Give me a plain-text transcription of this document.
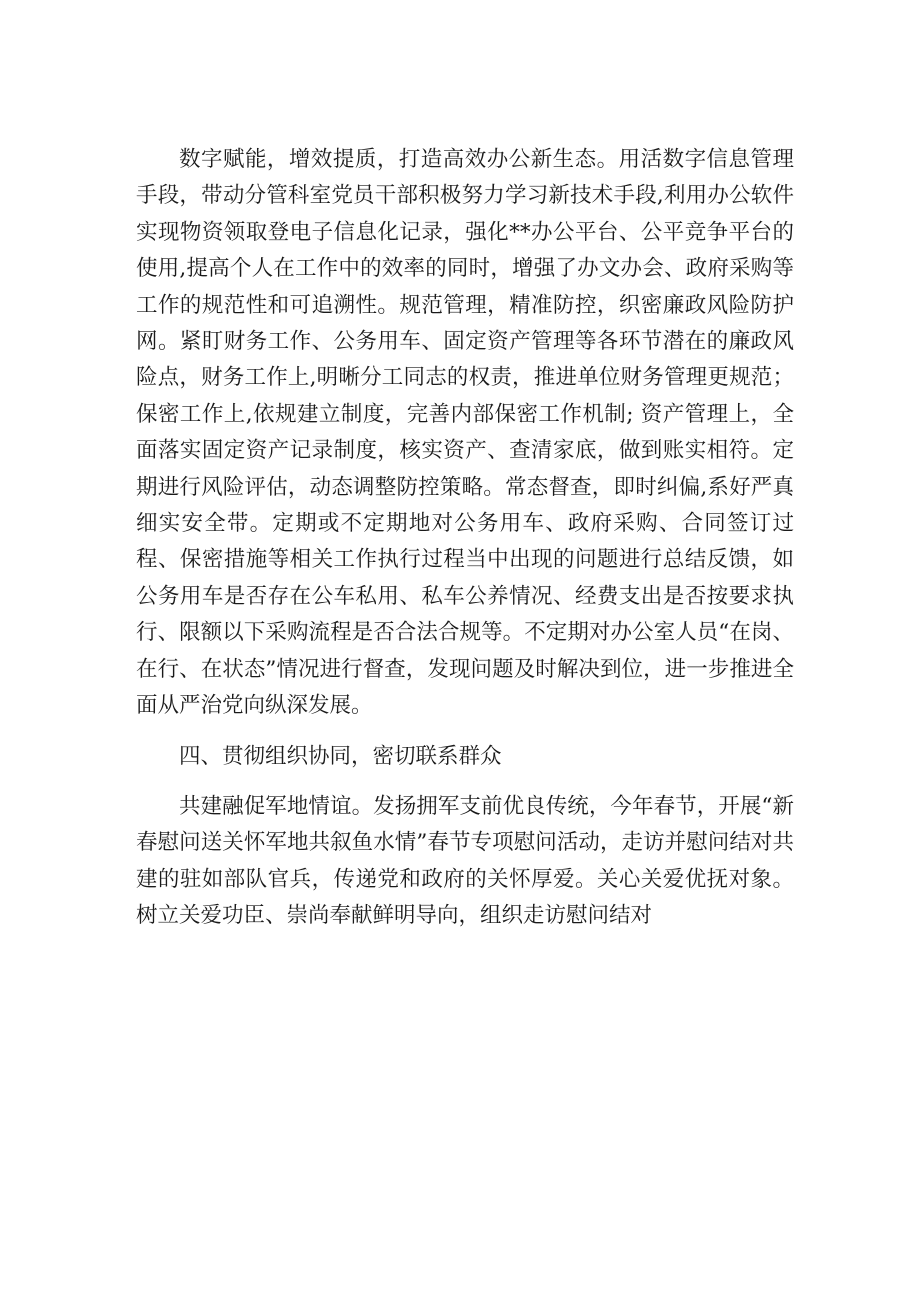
数字赋能，增效提质，打造高效办公新生态。用活数字信息管理手段，带动分管科室党员干部积极努力学习新技术手段,利用办公软件实现物资领取登电子信息化记录，强化**办公平台、公平竞争平台的使用,提高个人在工作中的效率的同时，增强了办文办会、政府采购等工作的规范性和可追溯性。规范管理，精准防控，织密廉政风险防护网。紧盯财务工作、公务用车、固定资产管理等各环节潜在的廉政风险点，财务工作上,明晰分工同志的权责，推进单位财务管理更规范；保密工作上,依规建立制度，完善内部保密工作机制; 资产管理上，全面落实固定资产记录制度，核实资产、查清家底，做到账实相符。定期进行风险评估，动态调整防控策略。常态督查，即时纠偏,系好严真细实安全带。定期或不定期地对公务用车、政府采购、合同签订过程、保密措施等相关工作执行过程当中出现的问题进行总结反馈，如公务用车是否存在公车私用、私车公养情况、经费支出是否按要求执行、限额以下采购流程是否合法合规等。不定期对办公室人员“在岗、在行、在状态”情况进行督查，发现问题及时解决到位，进一步推进全面从严治党向纵深发展。

四、贯彻组织协同，密切联系群众

共建融促军地情谊。发扬拥军支前优良传统，今年春节，开展“新春慰问送关怀军地共叙鱼水情”春节专项慰问活动，走访并慰问结对共建的驻如部队官兵，传递党和政府的关怀厚爱。关心关爱优抚对象。树立关爱功臣、崇尚奉献鲜明导向，组织走访慰问结对
